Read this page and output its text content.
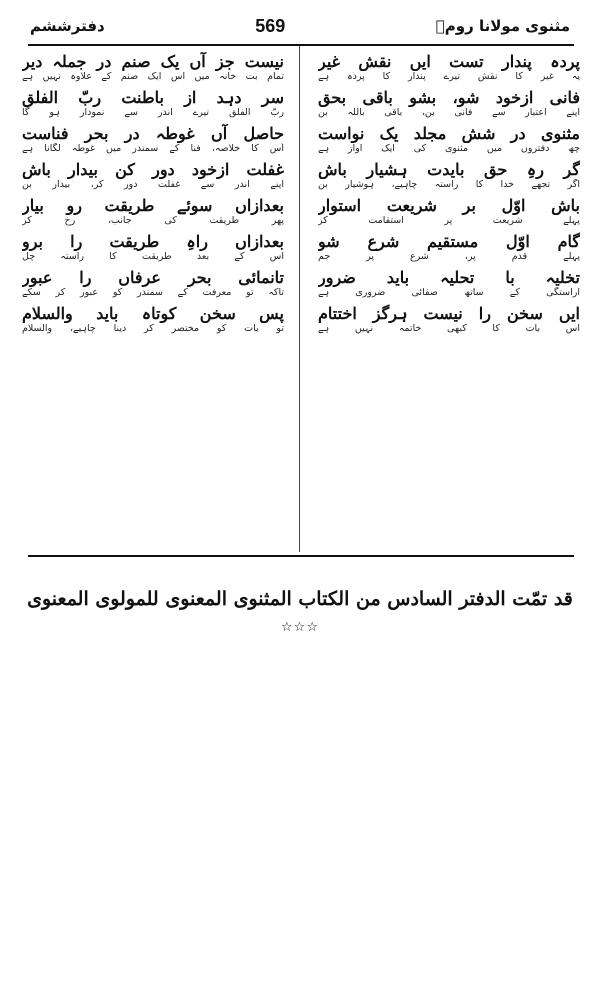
دفترششم	569	مثنوی مولانا رومؒ
پردہ پندار تست ایں نقش غیر
یہ غیر کا نقش تیرے پندار کا پردہ ہے
فانی ازخود شو، بشو باقی بحق
اپنے اعتبار سے فانی بن، باقی باللہ بن
مثنوی در شش مجلد یک نواست
چھ دفتروں میں مثنوی کی ایک آواز ہے
گر رہِ حق بایدت ہشیار باش
اگر تجھے خدا کا راستہ چاہیے، ہوشیار بن
باش اوّل بر شریعت استوار
پہلے شریعت پر استقامت کر
گام اوّل مستقیم شرع شو
پہلے قدم پر، شرع پر جم
تخلیہ با تحلیہ باید ضرور
آراستگی کے ساتھ صفائی ضروری ہے
ایں سخن را نیست ہرگز اختتام
اس بات کا کبھی خاتمہ نہیں ہے
نیست جز آں یک صنم در جملہ دیر
تمام بت خانہ میں اس ایک صنم کے علاوہ نہیں ہے
سر دہد از باطنت ربّ الفلق
ربّ الفلق تیرے اندر سے نمودار ہو گا
حاصل آں غوطہ در بحر فناست
اُس کا خلاصہ، فنا کے سمندر میں غوطہ لگانا ہے
غفلت ازخود دور کن بیدار باش
اپنے اندر سے غفلت دور کر، بیدار بن
بعدازاں سوئے طریقت رو بیار
پھر طریقت کی جانب، رخ کر
بعدازاں راہِ طریقت را برو
اس کے بعد طریقت کا راستہ چل
تانمائی بحر عرفاں را عبور
تاکہ تو معرفت کے سمندر کو عبور کر سکے
پس سخن کوتاہ باید والسلام
تو بات کو مختصر کر دینا چاہیے، والسلام
قد تمّت الدفتر السادس من الکتاب المثنوی المعنوی للمولوی المعنوی
☆☆☆
